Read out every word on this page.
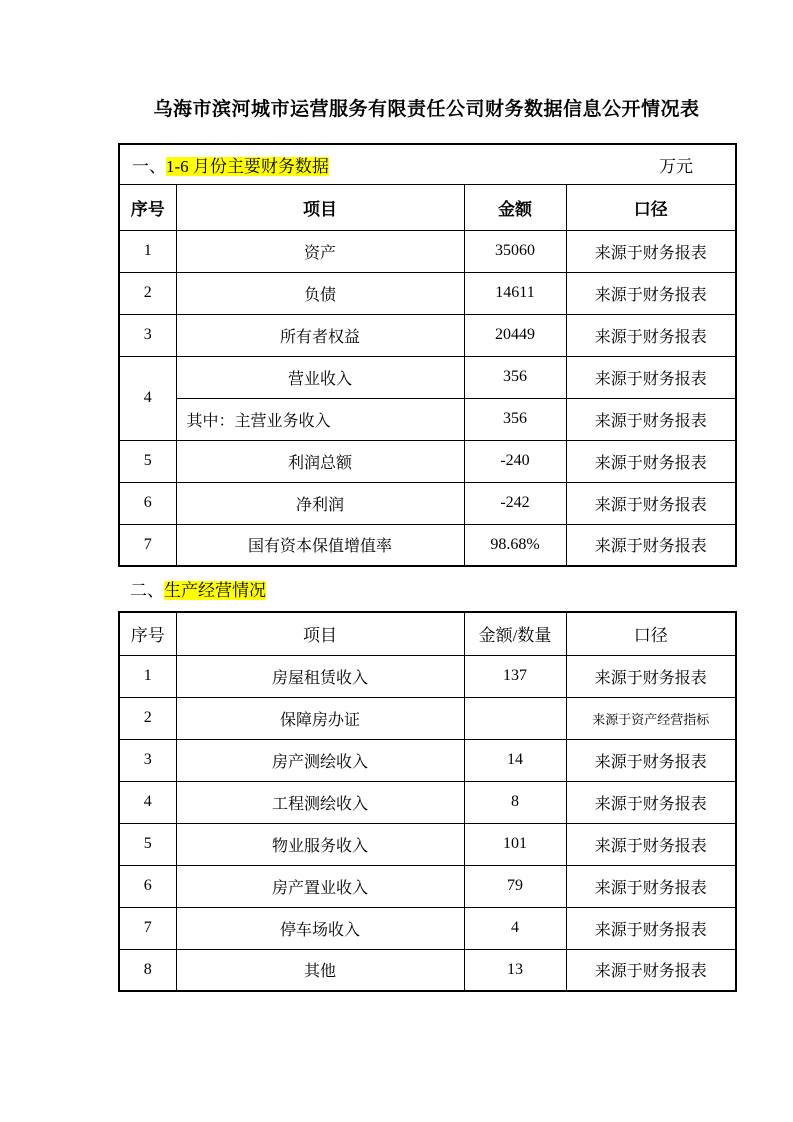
乌海市滨河城市运营服务有限责任公司财务数据信息公开情况表
一、1-6 月份主要财务数据 万元			

序号	项目	金额	口径
1	资产	35060	来源于财务报表
2	负债	14611	来源于财务报表
3	所有者权益	20449	来源于财务报表
4	营业收入	356	来源于财务报表
	其中：主营业务收入	356	来源于财务报表
5	利润总额	-240	来源于财务报表
6	净利润	-242	来源于财务报表
7	国有资本保值增值率	98.68%	来源于财务报表
二、生产经营情况
序号	项目	金额/数量	口径
1	房屋租赁收入	137	来源于财务报表
2	保障房办证		来源于资产经营指标
3	房产测绘收入	14	来源于财务报表
4	工程测绘收入	8	来源于财务报表
5	物业服务收入	101	来源于财务报表
6	房产置业收入	79	来源于财务报表
7	停车场收入	4	来源于财务报表
8	其他	13	来源于财务报表
